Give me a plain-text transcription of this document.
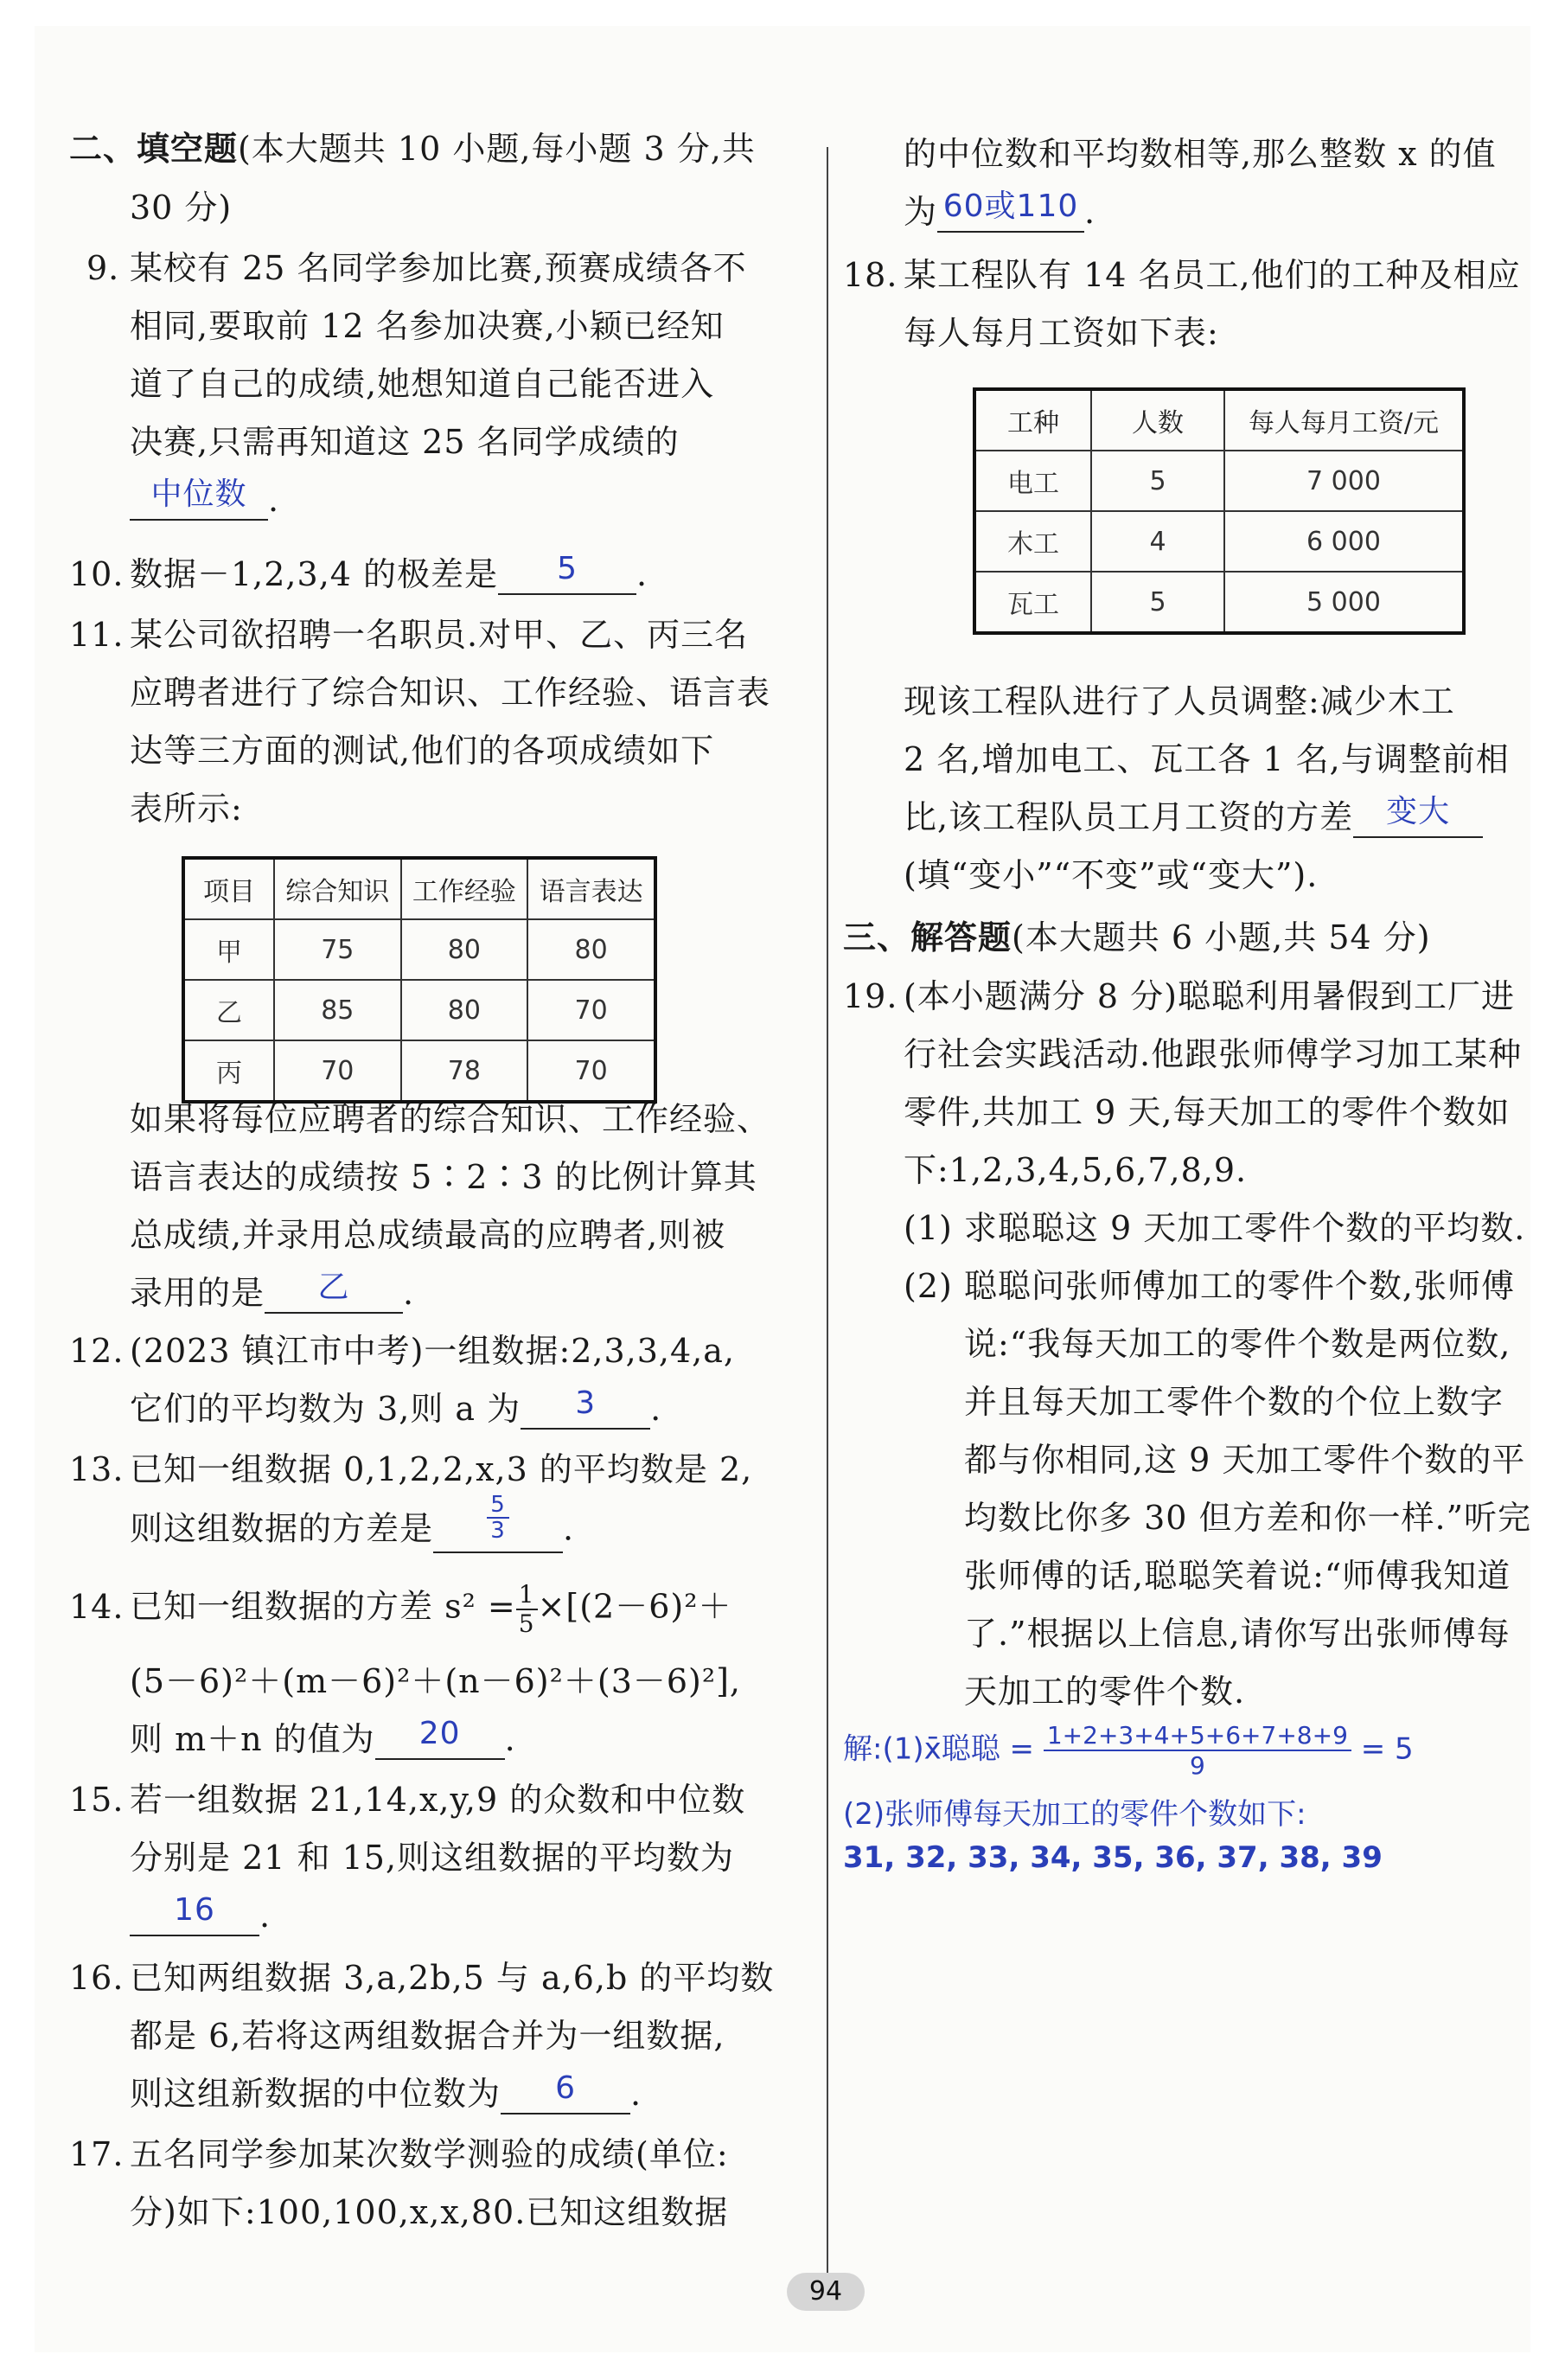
二、填空题(本大题共 10 小题,每小题 3 分,共
30 分)
9. 某校有 25 名同学参加比赛,预赛成绩各不
相同,要取前 12 名参加决赛,小颖已经知
道了自己的成绩,她想知道自己能否进入
决赛,只需再知道这 25 名同学成绩的
中位数 .
10. 数据－1,2,3,4 的极差是 5 .
11. 某公司欲招聘一名职员.对甲、乙、丙三名
应聘者进行了综合知识、工作经验、语言表
达等三方面的测试,他们的各项成绩如下
表所示:
项目	综合知识	工作经验	语言表达
甲	75	80	80
乙	85	80	70
丙	70	78	70
如果将每位应聘者的综合知识、工作经验、
语言表达的成绩按 5∶2∶3 的比例计算其
总成绩,并录用总成绩最高的应聘者,则被
录用的是 乙 .
12. (2023 镇江市中考)一组数据:2,3,3,4,a,
它们的平均数为 3,则 a 为 3 .
13. 已知一组数据 0,1,2,2,x,3 的平均数是 2,
则这组数据的方差是 $\frac{5}{3}$ .
14. 已知一组数据的方差 $s^2 = \frac{1}{5}\times[(2-6)^2+$
(5－6)²＋(m－6)²＋(n－6)²＋(3－6)²],
则 m＋n 的值为 20 .
15. 若一组数据 21,14,x,y,9 的众数和中位数
分别是 21 和 15,则这组数据的平均数为
16 .
16. 已知两组数据 3,a,2b,5 与 a,6,b 的平均数
都是 6,若将这两组数据合并为一组数据,
则这组新数据的中位数为 6 .
17. 五名同学参加某次数学测验的成绩(单位:
分)如下:100,100,x,x,80.已知这组数据
的中位数和平均数相等,那么整数 x 的值
为 60或110 .
18. 某工程队有 14 名员工,他们的工种及相应
每人每月工资如下表:
工种	人数	每人每月工资/元
电工	5	7 000
木工	4	6 000
瓦工	5	5 000
现该工程队进行了人员调整:减少木工
2 名,增加电工、瓦工各 1 名,与调整前相
比,该工程队员工月工资的方差 变大
(填“变小”“不变”或“变大”).
三、解答题(本大题共 6 小题,共 54 分)
19. (本小题满分 8 分)聪聪利用暑假到工厂进
行社会实践活动.他跟张师傅学习加工某种
零件,共加工 9 天,每天加工的零件个数如
下:1,2,3,4,5,6,7,8,9.
(1) 求聪聪这 9 天加工零件个数的平均数.
(2) 聪聪问张师傅加工的零件个数,张师傅
说:“我每天加工的零件个数是两位数,
并且每天加工零件个数的个位上数字
都与你相同,这 9 天加工零件个数的平
均数比你多 30 但方差和你一样.”听完
张师傅的话,聪聪笑着说:“师傅我知道
了.”根据以上信息,请你写出张师傅每
天加工的零件个数.
解:(1)x̄聪聪 = $\frac{1+2+3+4+5+6+7+8+9}{9} = 5$
(2)张师傅每天加工的零件个数如下:
31, 32, 33, 34, 35, 36, 37, 38, 39
94
